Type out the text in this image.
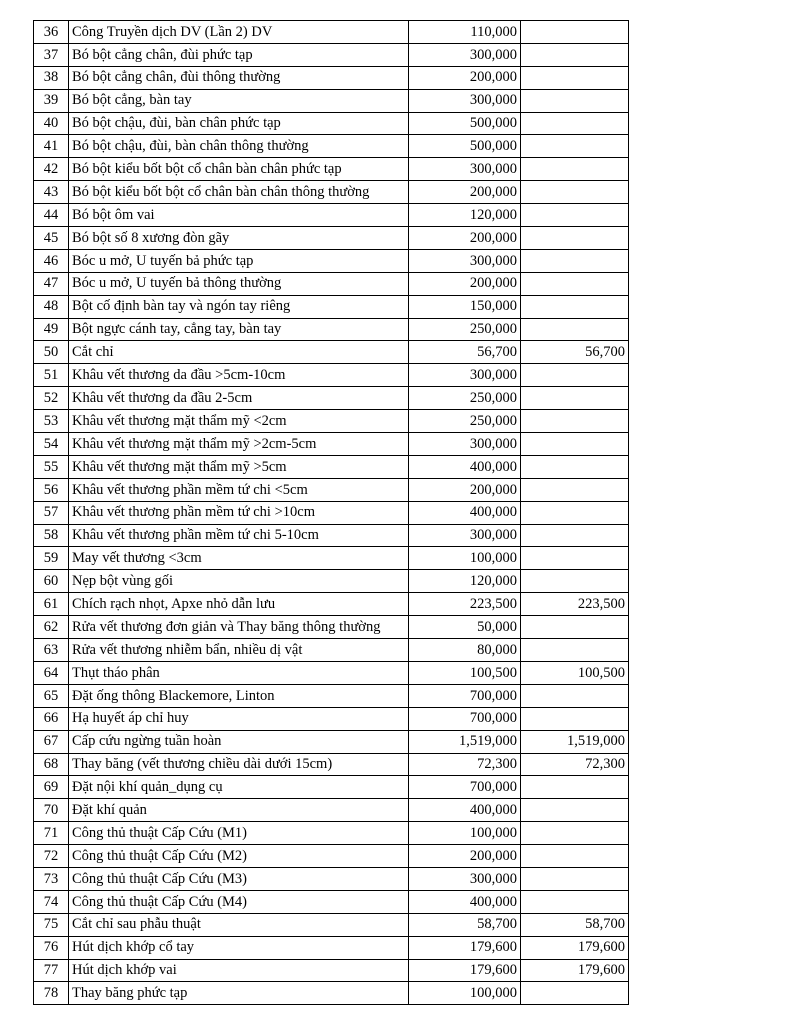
36	Công Truyền dịch DV (Lần 2) DV	110,000	
37	Bó bột cẳng chân, đùi phức tạp	300,000	
38	Bó bột cẳng chân, đùi thông thường	200,000	
39	Bó bột cẳng, bàn tay	300,000	
40	Bó bột chậu, đùi, bàn chân phức tạp	500,000	
41	Bó bột chậu, đùi, bàn chân thông thường	500,000	
42	Bó bột kiểu bốt bột cổ chân bàn chân phức tạp	300,000	
43	Bó bột kiểu bốt bột cổ chân bàn chân thông thường	200,000	
44	Bó bột ôm vai	120,000	
45	Bó bột số 8 xương đòn gãy	200,000	
46	Bóc u mở, U tuyến bả phức tạp	300,000	
47	Bóc u mở, U tuyến bả thông thường	200,000	
48	Bột cố định bàn tay và ngón tay riêng	150,000	
49	Bột ngực cánh tay, cẳng tay, bàn tay	250,000	
50	Cắt chỉ	56,700	56,700
51	Khâu vết thương da đầu >5cm-10cm	300,000	
52	Khâu vết thương da đầu 2-5cm	250,000	
53	Khâu vết thương mặt thẩm mỹ <2cm	250,000	
54	Khâu vết thương mặt thẩm mỹ >2cm-5cm	300,000	
55	Khâu vết thương mặt thẩm mỹ >5cm	400,000	
56	Khâu vết thương phần mềm tứ chi <5cm	200,000	
57	Khâu vết thương phần mềm tứ chi >10cm	400,000	
58	Khâu vết thương phần mềm tứ chi 5-10cm	300,000	
59	May vết thương <3cm	100,000	
60	Nẹp bột vùng gối	120,000	
61	Chích rạch nhọt, Apxe nhỏ dẫn lưu	223,500	223,500
62	Rửa vết thương đơn giản và Thay băng thông thường	50,000	
63	Rửa vết thương nhiễm bẩn, nhiều dị vật	80,000	
64	Thụt tháo phân	100,500	100,500
65	Đặt ống thông Blackemore, Linton	700,000	
66	Hạ huyết áp chỉ huy	700,000	
67	Cấp cứu ngừng tuần hoàn	1,519,000	1,519,000
68	Thay băng (vết thương chiều dài dưới 15cm)	72,300	72,300
69	Đặt nội khí quản_dụng cụ	700,000	
70	Đặt khí quản	400,000	
71	Công thủ thuật Cấp Cứu (M1)	100,000	
72	Công thủ thuật Cấp Cứu (M2)	200,000	
73	Công thủ thuật Cấp Cứu (M3)	300,000	
74	Công thủ thuật Cấp Cứu (M4)	400,000	
75	Cắt chỉ sau phẫu thuật	58,700	58,700
76	Hút dịch khớp cổ tay	179,600	179,600
77	Hút dịch khớp vai	179,600	179,600
78	Thay băng phức tạp	100,000	
